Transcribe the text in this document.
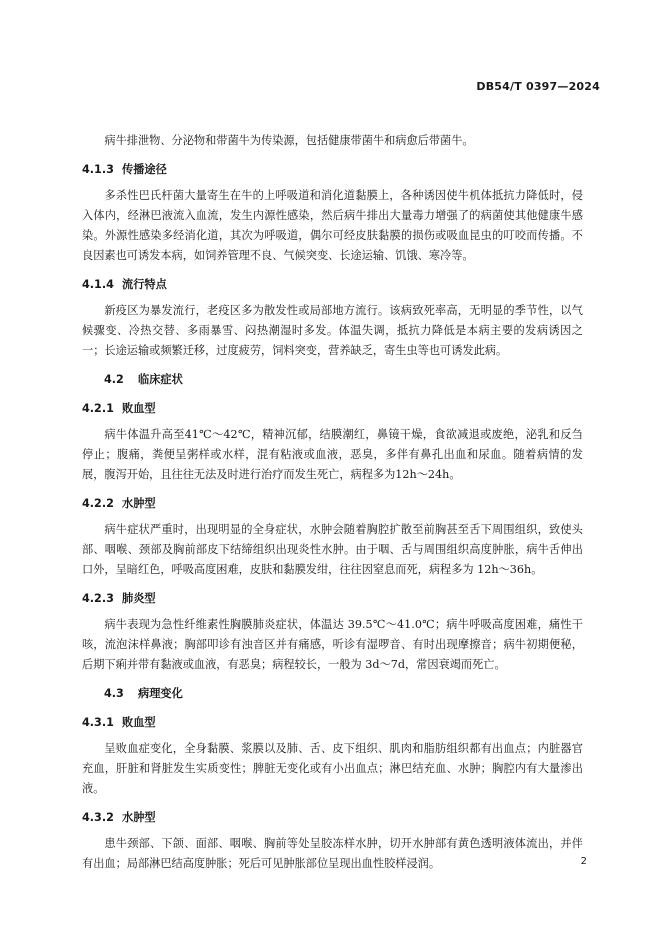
DB54/T 0397—2024

病牛排泄物、分泌物和带菌牛为传染源，包括健康带菌牛和病愈后带菌牛。

4.1.3 传播途径

多杀性巴氏杆菌大量寄生在牛的上呼吸道和消化道黏膜上，各种诱因使牛机体抵抗力降低时，侵入体内，经淋巴液流入血流，发生内源性感染，然后病牛排出大量毒力增强了的病菌使其他健康牛感染。外源性感染多经消化道，其次为呼吸道，偶尔可经皮肤黏膜的损伤或吸血昆虫的叮咬而传播。不良因素也可诱发本病，如饲养管理不良、气候突变、长途运输、饥饿、寒冷等。

4.1.4 流行特点

新疫区为暴发流行，老疫区多为散发性或局部地方流行。该病致死率高，无明显的季节性，以气候骤变、冷热交替、多雨暴雪、闷热潮湿时多发。体温失调，抵抗力降低是本病主要的发病诱因之一；长途运输或频繁迁移，过度疲劳，饲料突变，营养缺乏，寄生虫等也可诱发此病。

4.2 临床症状
4.2.1 败血型

病牛体温升高至41℃～42℃，精神沉郁，结膜潮红，鼻镜干燥，食欲减退或废绝，泌乳和反刍停止；腹痛，粪便呈粥样或水样，混有粘液或血液，恶臭，多伴有鼻孔出血和尿血。随着病情的发展，腹泻开始，且往往无法及时进行治疗而发生死亡，病程多为12h～24h。

4.2.2 水肿型

病牛症状严重时，出现明显的全身症状，水肿会随着胸腔扩散至前胸甚至舌下周围组织，致使头部、咽喉、颈部及胸前部皮下结缔组织出现炎性水肿。由于咽、舌与周围组织高度肿胀，病牛舌伸出口外，呈暗红色，呼吸高度困难，皮肤和黏膜发绀，往往因窒息而死，病程多为 12h～36h。

4.2.3 肺炎型

病牛表现为急性纤维素性胸膜肺炎症状，体温达 39.5℃～41.0℃；病牛呼吸高度困难，痛性干咳，流泡沫样鼻液；胸部叩诊有浊音区并有痛感，听诊有湿啰音、有时出现摩擦音；病牛初期便秘，后期下痢并带有黏液或血液，有恶臭；病程较长，一般为 3d～7d，常因衰竭而死亡。

4.3 病理变化
4.3.1 败血型

呈败血症变化，全身黏膜、浆膜以及肺、舌、皮下组织、肌肉和脂肪组织都有出血点；内脏器官充血，肝脏和肾脏发生实质变性；脾脏无变化或有小出血点；淋巴结充血、水肿；胸腔内有大量渗出液。

4.3.2 水肿型

患牛颈部、下颌、面部、咽喉、胸前等处呈胶冻样水肿，切开水肿部有黄色透明液体流出，并伴有出血；局部淋巴结高度肿胀；死后可见肿胀部位呈现出血性胶样浸润。	2
